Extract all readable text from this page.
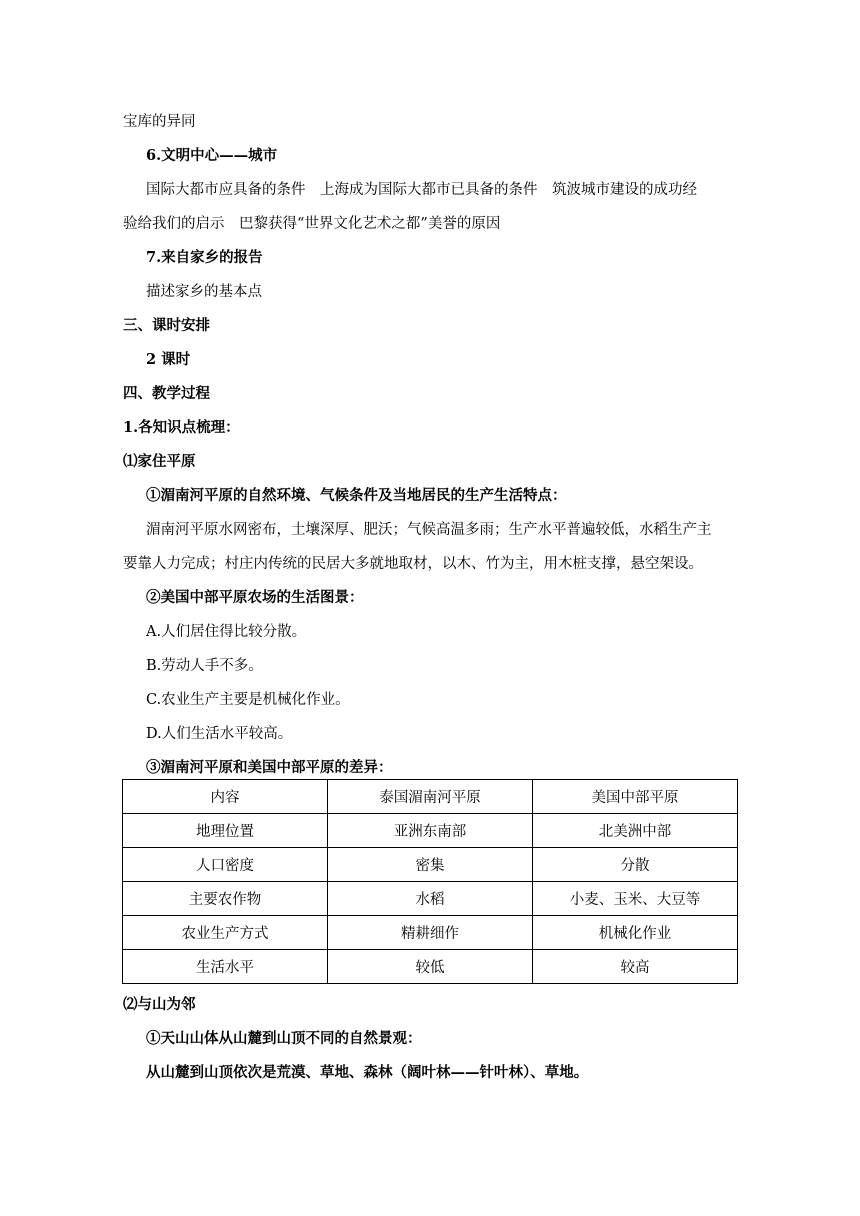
宝库的异同
6.文明中心——城市
国际大都市应具备的条件　上海成为国际大都市已具备的条件　筑波城市建设的成功经
验给我们的启示　巴黎获得“世界文化艺术之都”美誉的原因
7.来自家乡的报告
描述家乡的基本点
三、课时安排
2 课时
四、教学过程
1.各知识点梳理：
⑴家住平原
①湄南河平原的自然环境、气候条件及当地居民的生产生活特点：
湄南河平原水网密布，土壤深厚、肥沃；气候高温多雨；生产水平普遍较低，水稻生产主
要靠人力完成；村庄内传统的民居大多就地取材，以木、竹为主，用木桩支撑，悬空架设。
②美国中部平原农场的生活图景：
A.人们居住得比较分散。
B.劳动人手不多。
C.农业生产主要是机械化作业。
D.人们生活水平较高。
③湄南河平原和美国中部平原的差异：
内容	泰国湄南河平原	美国中部平原
地理位置	亚洲东南部	北美洲中部
人口密度	密集	分散
主要农作物	水稻	小麦、玉米、大豆等
农业生产方式	精耕细作	机械化作业
生活水平	较低	较高
⑵与山为邻
①天山山体从山麓到山顶不同的自然景观：
从山麓到山顶依次是荒漠、草地、森林（阔叶林——针叶林）、草地。
